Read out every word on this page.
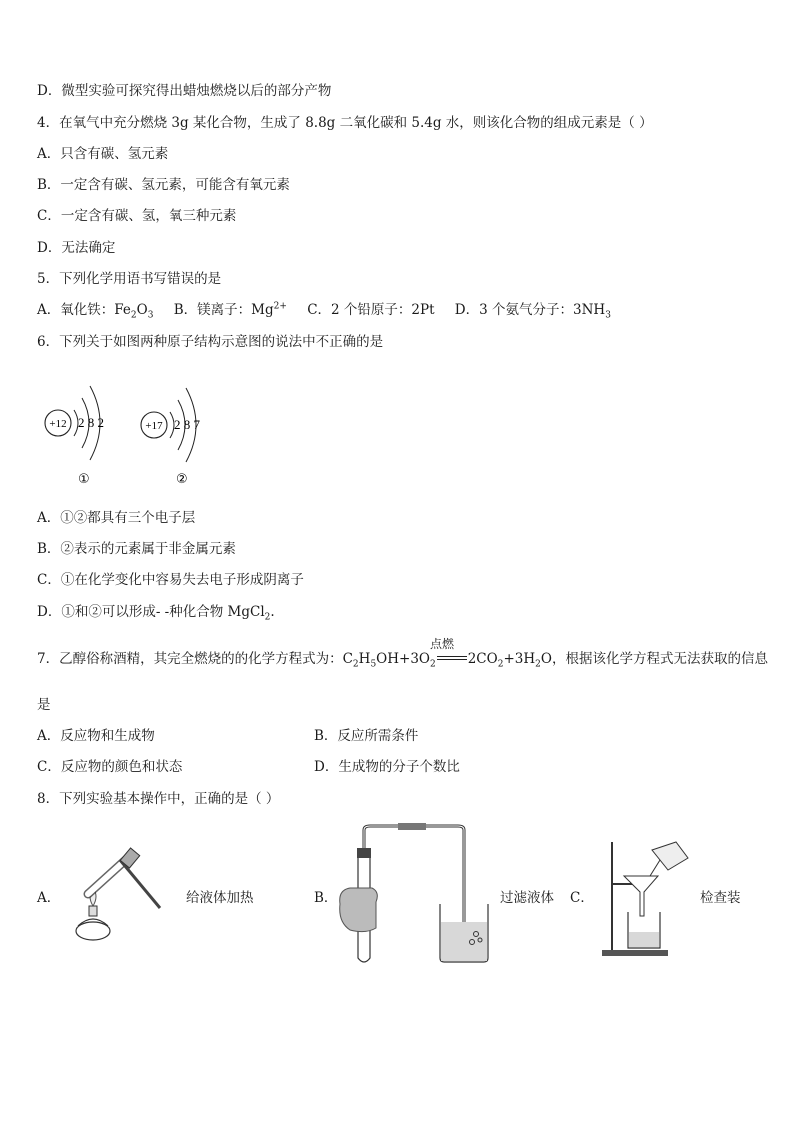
D．微型实验可探究得出蜡烛燃烧以后的部分产物
4．在氧气中充分燃烧 3g 某化合物，生成了 8.8g 二氧化碳和 5.4g 水，则该化合物的组成元素是（ ）
A．只含有碳、氢元素
B．一定含有碳、氢元素，可能含有氧元素
C．一定含有碳、氢，氧三种元素
D．无法确定
5．下列化学用语书写错误的是
A．氧化铁：$Fe_2O_3$ B．镁离子：$Mg^{2+}$ C．2 个铅原子：2Pt D．3 个氨气分子：$3NH_3$
6．下列关于如图两种原子结构示意图的说法中不正确的是
+12 2 8 2
①
+17 2 8 7
②
A．①②都具有三个电子层
B．②表示的元素属于非金属元素
C．①在化学变化中容易失去电子形成阴离子
D．①和②可以形成- -种化合物 MgCl$_2$.
7．乙醇俗称酒精，其完全燃烧的的化学方程式为：$C_2H_5OH+3O_2$ $2CO_2+3H_2O$，根据该化学方程式无法获取的信息
点燃
是
A．反应物和生成物	B．反应所需条件
C．反应物的颜色和状态	D．生成物的分子个数比
8．下列实验基本操作中，正确的是（ ）
A．	给液体加热	B．	过滤液体 C．	检查装
